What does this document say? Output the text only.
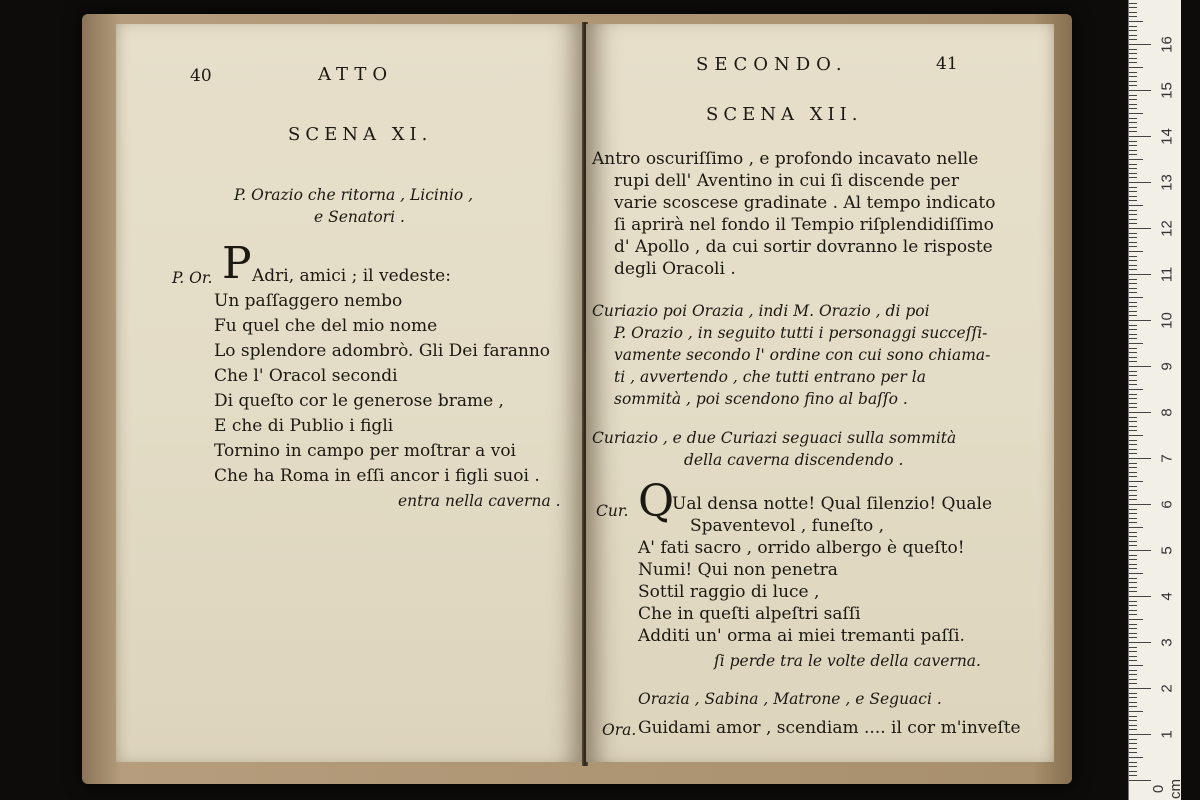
40	ATTO
SCENA XI.
P. Orazio che ritorna , Licinio ,
e Senatori .
P. Or. P Adri, amici ; il vedeste:
Un paſſaggero nembo
Fu quel che del mio nome
Lo splendore adombrò. Gli Dei faranno
Che l' Oracol secondi
Di queſto cor le generose brame ,
E che di Publio i figli
Tornino in campo per moſtrar a voi
Che ha Roma in eſſi ancor i figli suoi .
entra nella caverna .
SECONDO.	41
SCENA XII.
Antro oscuriſſimo , e profondo incavato nelle
rupi dell' Aventino in cui ſi discende per
varie scoscese gradinate . Al tempo indicato
ſi aprirà nel fondo il Tempio riſplendidiſſimo
d' Apollo , da cui sortir dovranno le risposte
degli Oracoli .
Curiazio poi Orazia , indi M. Orazio , di poi
P. Orazio , in seguito tutti i personaggi succeſſi-
vamente secondo l' ordine con cui sono chiama-
ti , avvertendo , che tutti entrano per la
sommità , poi scendono fino al baſſo .
Curiazio , e due Curiazi seguaci sulla sommità
della caverna discendendo .
Cur. Q
Ual densa notte! Qual ſilenzio! Quale
Spaventevol , funeſto ,
A' fati sacro , orrido albergo è queſto!
Numi! Qui non penetra
Sottil raggio di luce ,
Che in queſti alpeſtri saſſi
Additi un' orma ai miei tremanti paſſi.
ſi perde tra le volte della caverna.
Orazia , Sabina , Matrone , e Seguaci .
Ora. Guidami amor , scendiam .... il cor m'inveſte
0 cm
1
2
3
4
5
6
7
8
9
10
11
12
13
14
15
16
